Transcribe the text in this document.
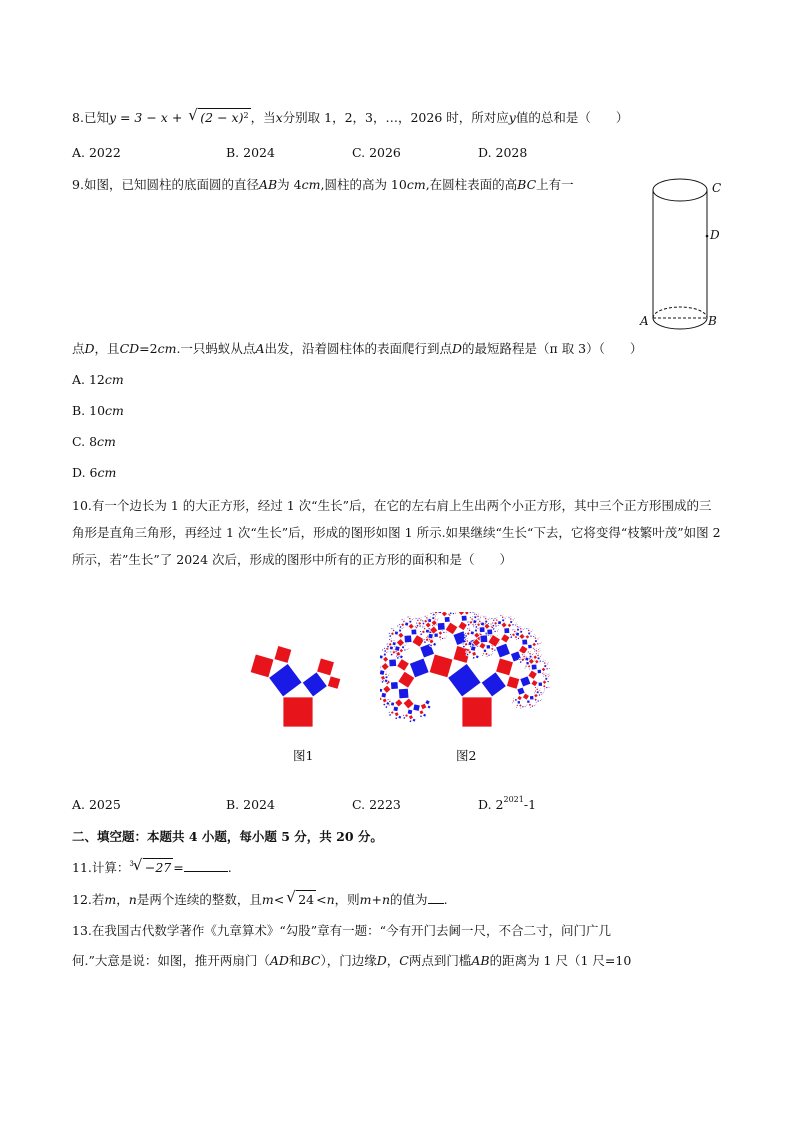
8.已知y = 3 − x + √ $(2 - x)^2$ ，当x分别取 1，2，3，…，2026 时，所对应y值的总和是（　　）
A. 2022	B. 2024	C. 2026	D. 2028
9.如图，已知圆柱的底面圆的直径AB为 4cm,圆柱的高为 10cm,在圆柱表面的高BC上有一	C
D
A	B
点D，且CD=2cm.一只蚂蚁从点A出发，沿着圆柱体的表面爬行到点D的最短路程是（π 取 3）（　　）
A. 12cm
B. 10cm
C. 8cm
D. 6cm
10.有一个边长为 1 的大正方形，经过 1 次“生长”后，在它的左右肩上生出两个小正方形，其中三个正方形围成的三角形是直角三角形，再经过 1 次“生长”后，形成的图形如图 1 所示.如果继续“生长“下去，它将变得“枝繁叶茂”如图 2 所示，若”生长”了 2024 次后，形成的图形中所有的正方形的面积和是（　　）
图1	图2
A. 2025	B. 2024	C. 2223	D. $2^{2021}-1$
二、填空题：本题共 4 小题，每小题 5 分，共 20 分。
11.计算：$^3$ √ −27 =	.
12.若m，n是两个连续的整数，且m< √ 24 <n，则m+n的值为 .
13.在我国古代数学著作《九章算术》“勾股”章有一题：“今有开门去阃一尺，不合二寸，问门广几
何.”大意是说：如图，推开两扇门（AD和BC），门边缘D，C两点到门槛AB的距离为 1 尺（1 尺=10
